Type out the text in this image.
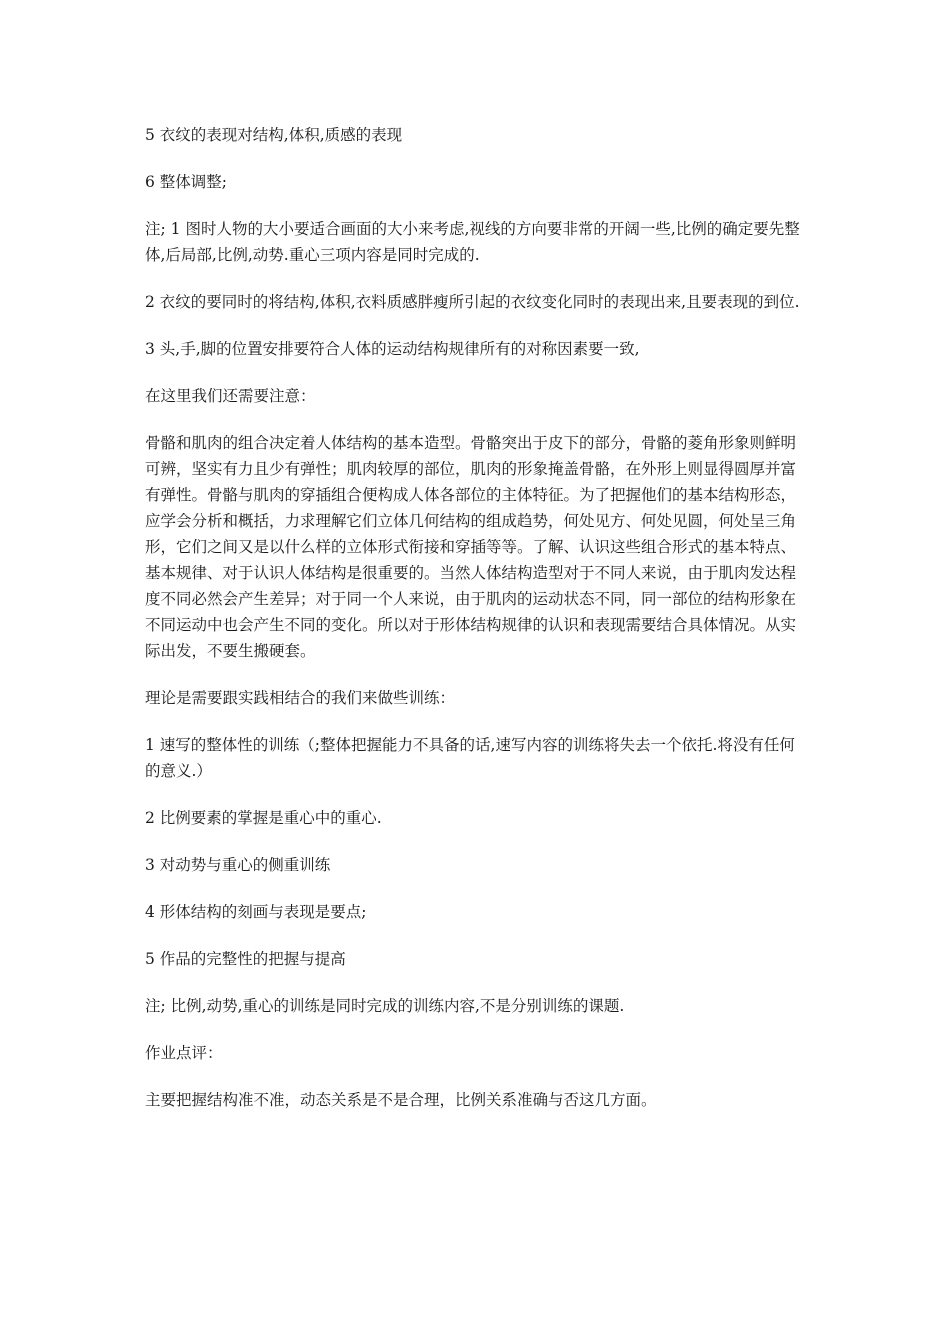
5 衣纹的表现对结构,体积,质感的表现

6 整体调整;

注; 1 图时人物的大小要适合画面的大小来考虑,视线的方向要非常的开阔一些,比例的确定要先整体,后局部,比例,动势.重心三项内容是同时完成的.

2 衣纹的要同时的将结构,体积,衣料质感胖瘦所引起的衣纹变化同时的表现出来,且要表现的到位.

3 头,手,脚的位置安排要符合人体的运动结构规律所有的对称因素要一致,

在这里我们还需要注意：

骨骼和肌肉的组合决定着人体结构的基本造型。骨骼突出于皮下的部分，骨骼的菱角形象则鲜明可辨，坚实有力且少有弹性；肌肉较厚的部位，肌肉的形象掩盖骨骼，在外形上则显得圆厚并富有弹性。骨骼与肌肉的穿插组合便构成人体各部位的主体特征。为了把握他们的基本结构形态，应学会分析和概括，力求理解它们立体几何结构的组成趋势，何处见方、何处见圆，何处呈三角形，它们之间又是以什么样的立体形式衔接和穿插等等。了解、认识这些组合形式的基本特点、基本规律、对于认识人体结构是很重要的。当然人体结构造型对于不同人来说，由于肌肉发达程度不同必然会产生差异；对于同一个人来说，由于肌肉的运动状态不同，同一部位的结构形象在不同运动中也会产生不同的变化。所以对于形体结构规律的认识和表现需要结合具体情况。从实际出发，不要生搬硬套。

理论是需要跟实践相结合的我们来做些训练：

1 速写的整体性的训练（;整体把握能力不具备的话,速写内容的训练将失去一个依托.将没有任何的意义.）

2 比例要素的掌握是重心中的重心.

3 对动势与重心的侧重训练

4 形体结构的刻画与表现是要点;

5 作品的完整性的把握与提高

注; 比例,动势,重心的训练是同时完成的训练内容,不是分别训练的课题.

作业点评：

主要把握结构准不准，动态关系是不是合理，比例关系准确与否这几方面。
